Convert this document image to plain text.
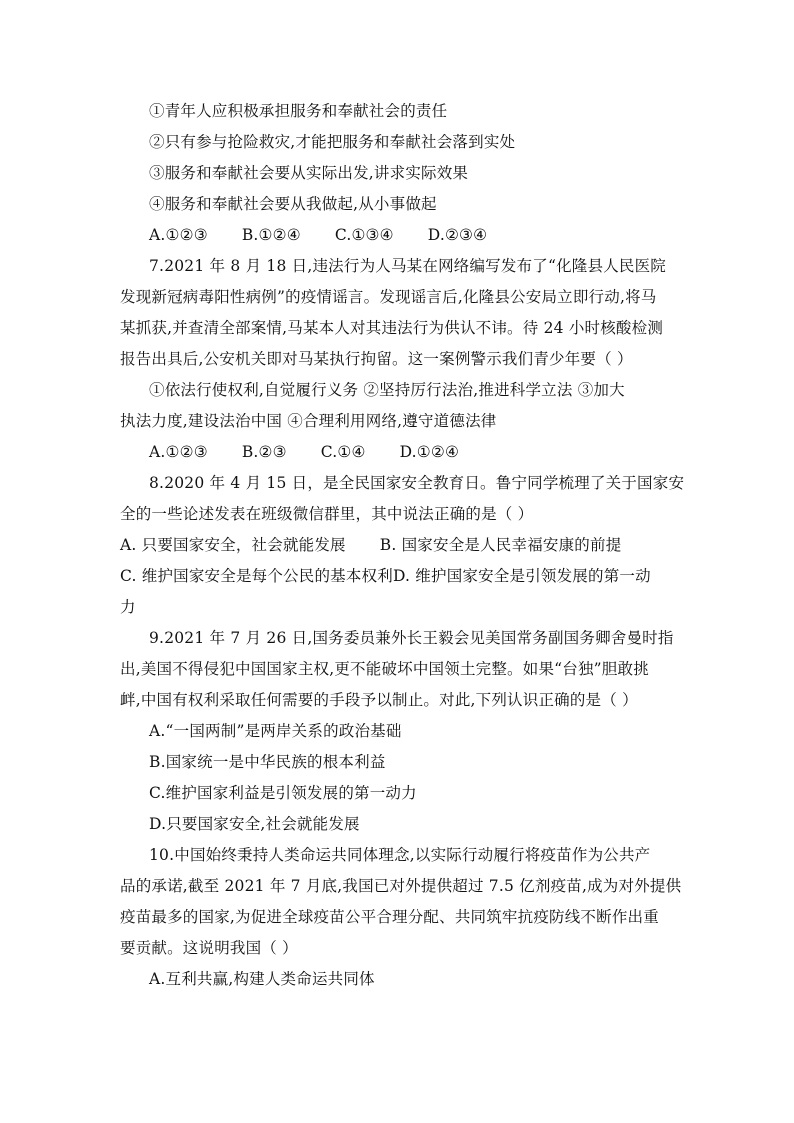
①青年人应积极承担服务和奉献社会的责任
②只有参与抢险救灾,才能把服务和奉献社会落到实处
③服务和奉献社会要从实际出发,讲求实际效果
④服务和奉献社会要从我做起,从小事做起
A.①②③ B.①②④ C.①③④ D.②③④
7.2021 年 8 月 18 日,违法行为人马某在网络编写发布了“化隆县人民医院
发现新冠病毒阳性病例”的疫情谣言。发现谣言后,化隆县公安局立即行动,将马
某抓获,并查清全部案情,马某本人对其违法行为供认不讳。待 24 小时核酸检测
报告出具后,公安机关即对马某执行拘留。这一案例警示我们青少年要（ ）
①依法行使权利,自觉履行义务 ②坚持厉行法治,推进科学立法 ③加大
执法力度,建设法治中国 ④合理利用网络,遵守道德法律
A.①②③ B.②③ C.①④ D.①②④
8.2020 年 4 月 15 日，是全民国家安全教育日。鲁宁同学梳理了关于国家安
全的一些论述发表在班级微信群里，其中说法正确的是（ ）
A. 只要国家安全，社会就能发展 B. 国家安全是人民幸福安康的前提
C. 维护国家安全是每个公民的基本权利D. 维护国家安全是引领发展的第一动
力
9.2021 年 7 月 26 日,国务委员兼外长王毅会见美国常务副国务卿舍曼时指
出,美国不得侵犯中国国家主权,更不能破坏中国领土完整。如果“台独”胆敢挑
衅,中国有权利采取任何需要的手段予以制止。对此,下列认识正确的是（ ）
A.“一国两制”是两岸关系的政治基础
B.国家统一是中华民族的根本利益
C.维护国家利益是引领发展的第一动力
D.只要国家安全,社会就能发展
10.中国始终秉持人类命运共同体理念,以实际行动履行将疫苗作为公共产
品的承诺,截至 2021 年 7 月底,我国已对外提供超过 7.5 亿剂疫苗,成为对外提供
疫苗最多的国家,为促进全球疫苗公平合理分配、共同筑牢抗疫防线不断作出重
要贡献。这说明我国（ ）
A.互利共赢,构建人类命运共同体
